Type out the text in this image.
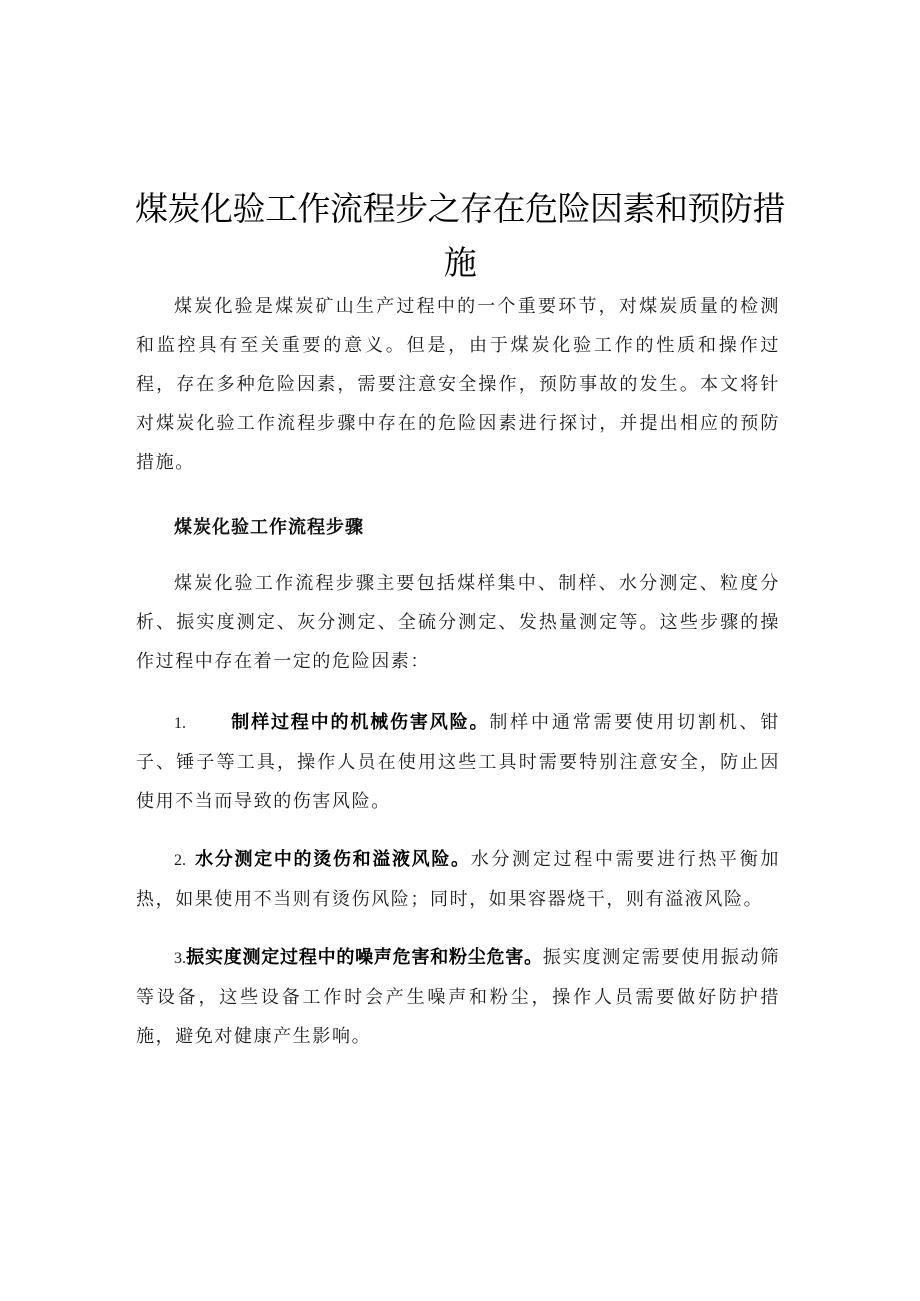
煤炭化验工作流程步之存在危险因素和预防措施

煤炭化验是煤炭矿山生产过程中的一个重要环节，对煤炭质量的检测和监控具有至关重要的意义。但是，由于煤炭化验工作的性质和操作过程，存在多种危险因素，需要注意安全操作，预防事故的发生。本文将针对煤炭化验工作流程步骤中存在的危险因素进行探讨，并提出相应的预防措施。

煤炭化验工作流程步骤

煤炭化验工作流程步骤主要包括煤样集中、制样、水分测定、粒度分析、振实度测定、灰分测定、全硫分测定、发热量测定等。这些步骤的操作过程中存在着一定的危险因素：

1. 制样过程中的机械伤害风险。制样中通常需要使用切割机、钳子、锤子等工具，操作人员在使用这些工具时需要特别注意安全，防止因使用不当而导致的伤害风险。

2. 水分测定中的烫伤和溢液风险。水分测定过程中需要进行热平衡加热，如果使用不当则有烫伤风险；同时，如果容器烧干，则有溢液风险。

3.振实度测定过程中的噪声危害和粉尘危害。振实度测定需要使用振动筛等设备，这些设备工作时会产生噪声和粉尘，操作人员需要做好防护措施，避免对健康产生影响。
